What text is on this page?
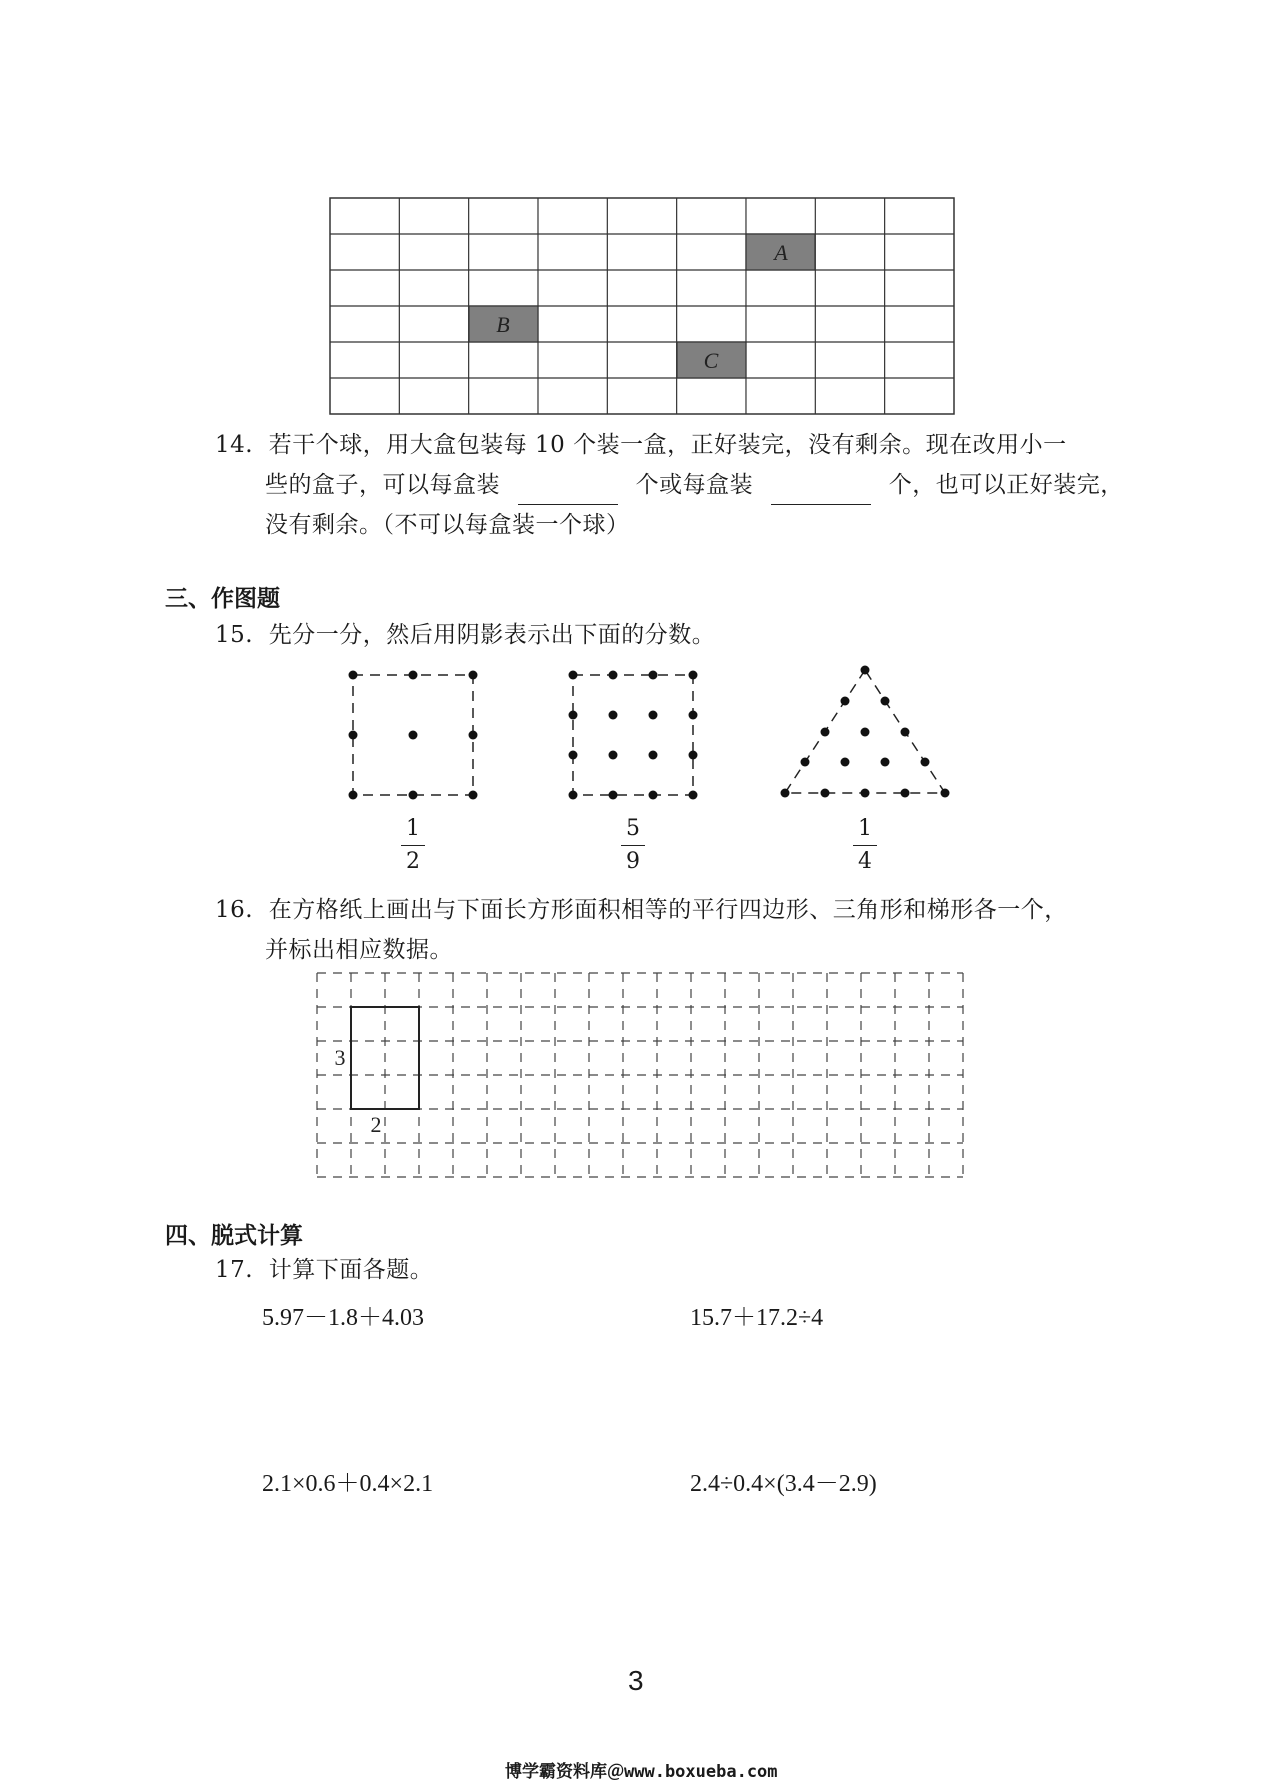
A
B
C
14. 若干个球，用大盒包装每 10 个装一盒，正好装完，没有剩余。现在改用小一
些的盒子，可以每盒装	个或每盒装	个，也可以正好装完，
没有剩余。（不可以每盒装一个球）
三、作图题
15. 先分一分，然后用阴影表示出下面的分数。
1
2
5
9
1
4
16. 在方格纸上画出与下面长方形面积相等的平行四边形、三角形和梯形各一个，
并标出相应数据。
3
2
四、脱式计算
17. 计算下面各题。
5.97－1.8＋4.03	15.7＋17.2÷4
2.1×0.6＋0.4×2.1	2.4÷0.4×(3.4－2.9)
3
博学霸资料库＠www.boxueba.com
